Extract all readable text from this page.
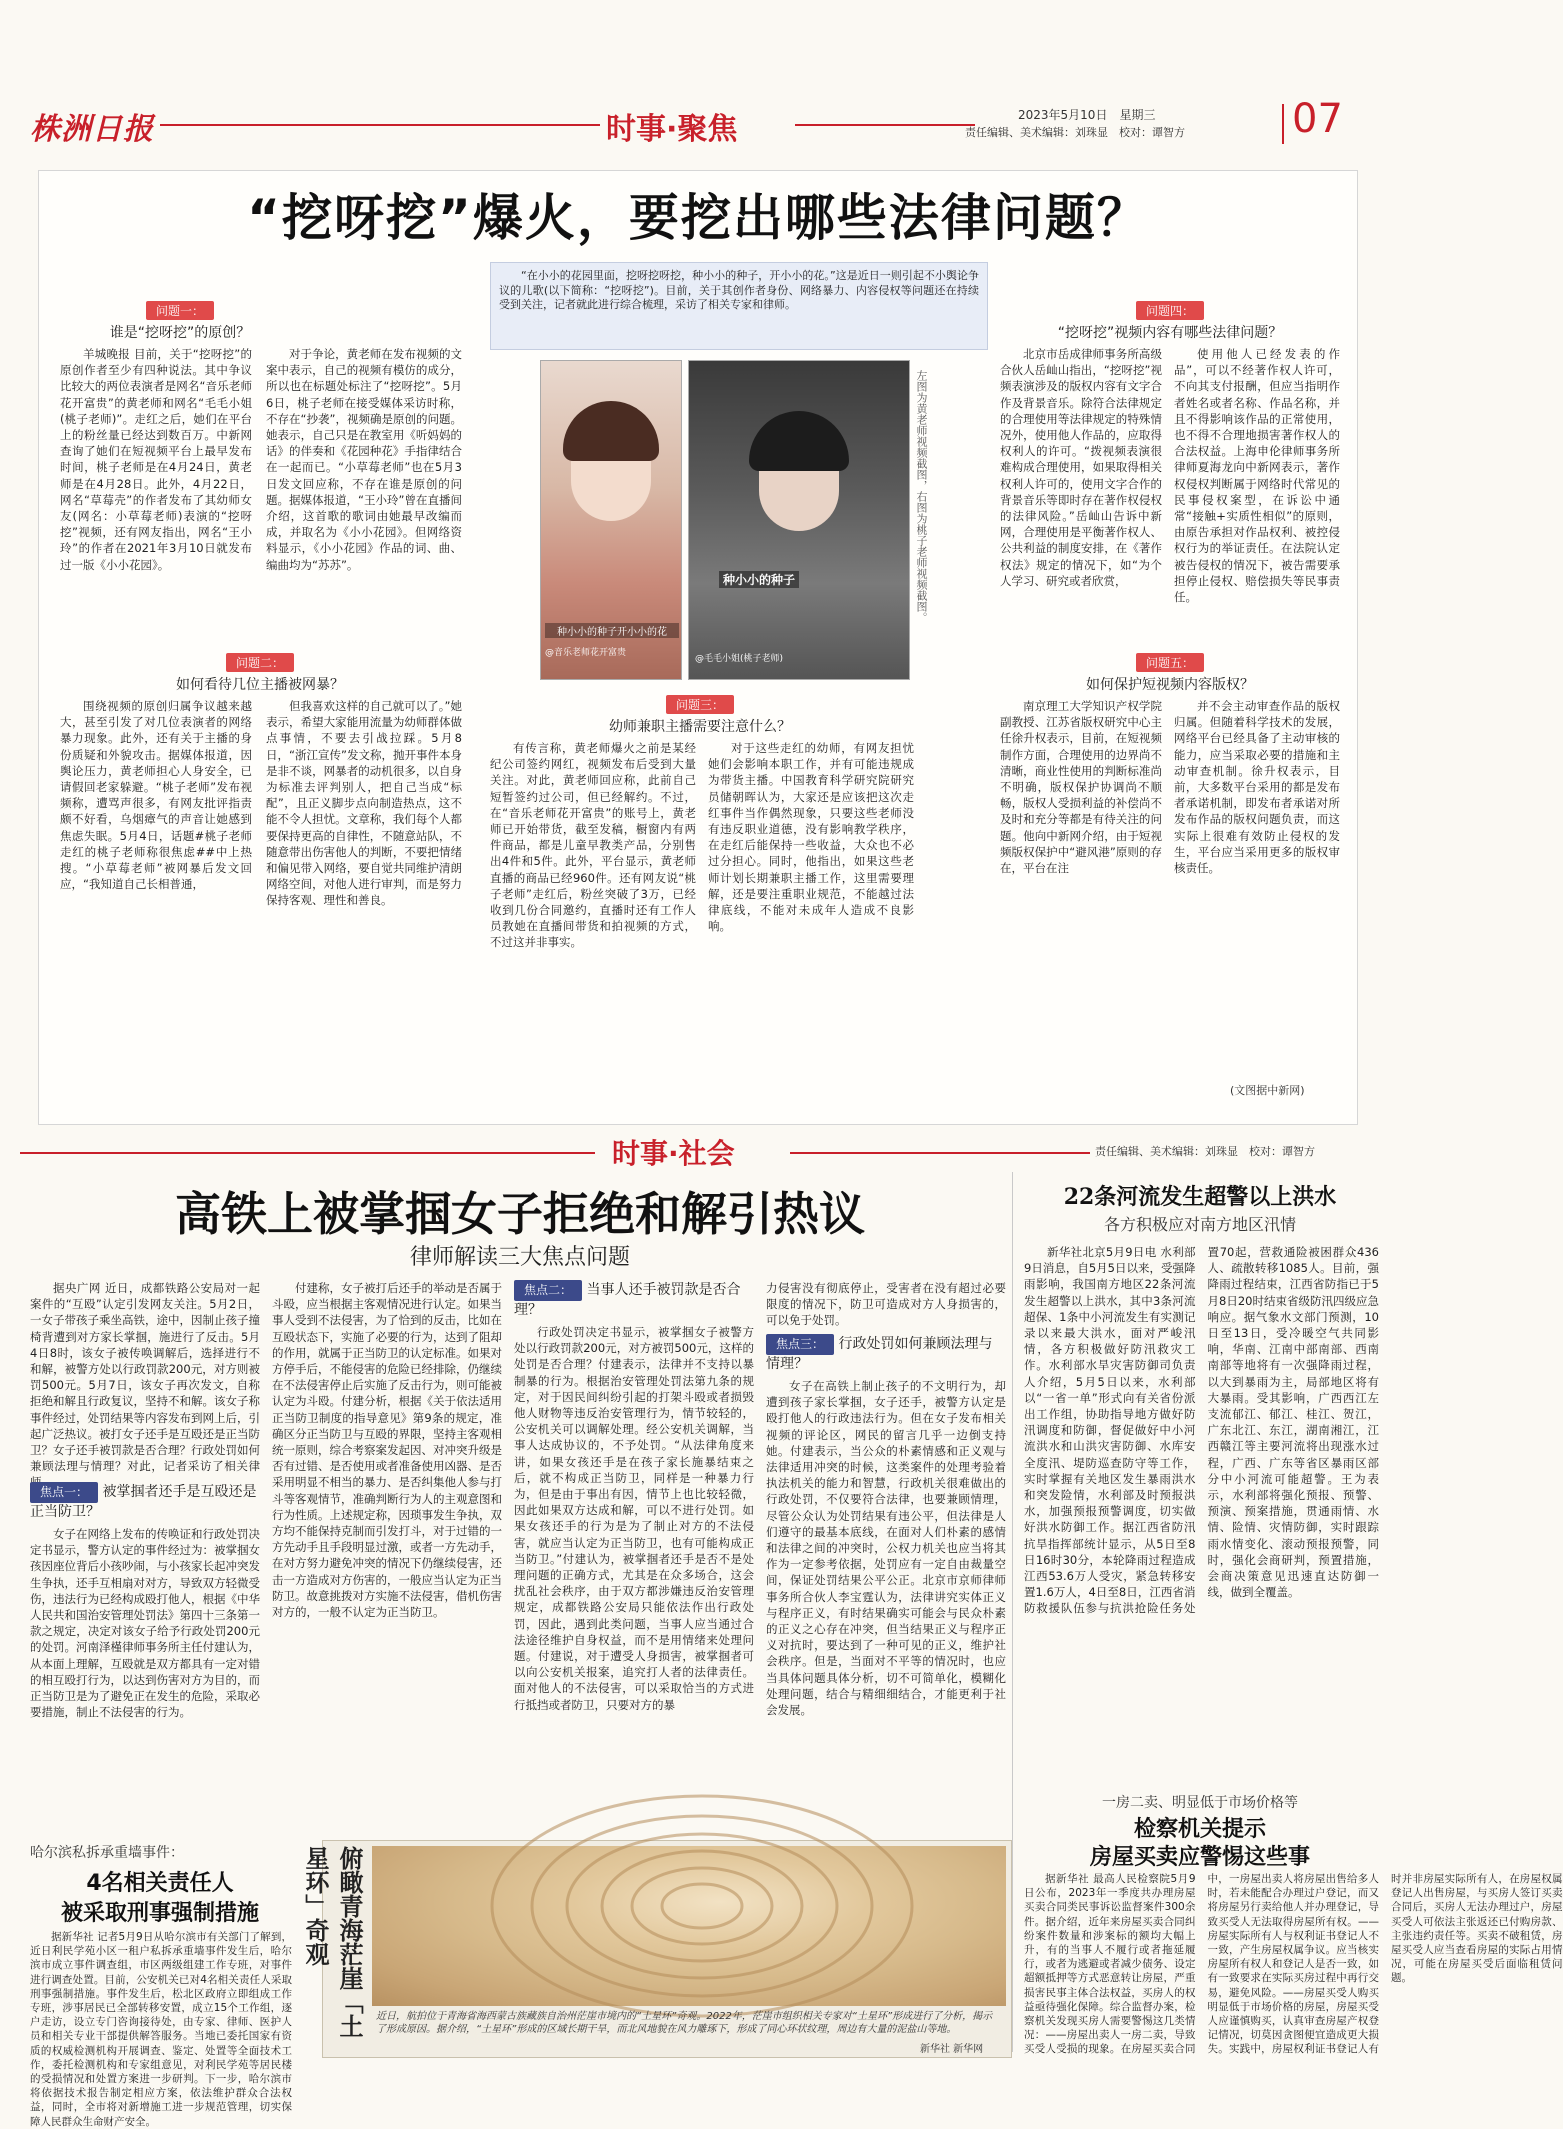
株洲日报	时事·聚焦	2023年5月10日　星期三
责任编辑、美术编辑：刘珠显　校对：谭智方	07
“挖呀挖”爆火，要挖出哪些法律问题？
“在小小的花园里面，挖呀挖呀挖，种小小的种子，开小小的花。”这是近日一则引起不小舆论争议的儿歌(以下简称：“挖呀挖”)。目前，关于其创作者身份、网络暴力、内容侵权等问题还在持续受到关注，记者就此进行综合梳理，采访了相关专家和律师。
种小小的种子开小小的花
@音乐老师花开富贵
种小小的种子
@毛毛小姐(桃子老师)
左图为黄老师视频截图，右图为桃子老师视频截图。
问题一：
谁是“挖呀挖”的原创？
羊城晚报 目前，关于“挖呀挖”的原创作者至少有四种说法。其中争议比较大的两位表演者是网名“音乐老师花开富贵”的黄老师和网名“毛毛小姐(桃子老师)”。走红之后，她们在平台上的粉丝量已经达到数百万。中新网查询了她们在短视频平台上最早发布时间，桃子老师是在4月24日，黄老师是在4月28日。此外，4月22日，网名“草莓壳”的作者发布了其幼师女友(网名：小草莓老师)表演的“挖呀挖”视频，还有网友指出，网名“王小玲”的作者在2021年3月10日就发布过一版《小小花园》。
对于争论，黄老师在发布视频的文案中表示，自己的视频有模仿的成分，所以也在标题处标注了“挖呀挖”。5月6日，桃子老师在接受媒体采访时称，不存在“抄袭”，视频确是原创的问题。她表示，自己只是在教室用《听妈妈的话》的伴奏和《花园种花》手指律结合在一起而已。“小草莓老师”也在5月3日发文回应称，不存在谁是原创的问题。据媒体报道，“王小玲”曾在直播间介绍，这首歌的歌词由她最早改编而成，并取名为《小小花园》。但网络资料显示，《小小花园》作品的词、曲、编曲均为“苏苏”。
问题二：
如何看待几位主播被网暴？
围绕视频的原创归属争议越来越大，甚至引发了对几位表演者的网络暴力现象。此外，还有关于主播的身份质疑和外貌攻击。据媒体报道，因舆论压力，黄老师担心人身安全，已请假回老家躲避。“桃子老师”发布视频称，遭骂声很多，有网友批评指责颇不好看，乌烟瘴气的声音让她感到焦虑失眠。5月4日，话题#桃子老师走红的桃子老师称很焦虑##中上热搜。“小草莓老师”被网暴后发文回应，“我知道自己长相普通，
但我喜欢这样的自己就可以了。”她表示，希望大家能用流量为幼师群体做点事情，不要去引战拉踩。5月8日，“浙江宣传”发文称，抛开事件本身是非不谈，网暴者的动机很多，以自身为标准去评判别人，把自己当成“标配”，且正义脚步点向制造热点，这不能不令人担忧。文章称，我们每个人都要保持更高的自律性，不随意站队，不随意带出伤害他人的判断，不要把情绪和偏见带入网络，要自觉共同维护清朗网络空间，对他人进行审判，而是努力保持客观、理性和善良。
问题三：
幼师兼职主播需要注意什么？
有传言称，黄老师爆火之前是某经纪公司签约网红，视频发布后受到大量关注。对此，黄老师回应称，此前自己短暂签约过公司，但已经解约。不过，在“音乐老师花开富贵”的账号上，黄老师已开始带货，截至发稿，橱窗内有两件商品，都是儿童早教类产品，分别售出4件和5件。此外，平台显示，黄老师直播的商品已经960件。还有网友说“桃子老师”走红后，粉丝突破了3万，已经收到几份合同邀约，直播时还有工作人员教她在直播间带货和拍视频的方式，不过这并非事实。
对于这些走红的幼师，有网友担忧她们会影响本职工作，并有可能违规成为带货主播。中国教育科学研究院研究员储朝晖认为，大家还是应该把这次走红事件当作偶然现象，只要这些老师没有违反职业道德，没有影响教学秩序，在走红后能保持一些收益，大众也不必过分担心。同时，他指出，如果这些老师计划长期兼职主播工作，这里需要理解，还是要注重职业规范，不能越过法律底线，不能对未成年人造成不良影响。
问题四：
“挖呀挖”视频内容有哪些法律问题？
北京市岳成律师事务所高级合伙人岳屾山指出，“挖呀挖”视频表演涉及的版权内容有文字合作及背景音乐。除符合法律规定的合理使用等法律规定的特殊情况外，使用他人作品的，应取得权利人的许可。“拨视频表演很难构成合理使用，如果取得相关权利人许可的，使用文字合作的背景音乐等即时存在著作权侵权的法律风险。”岳屾山告诉中新网，合理使用是平衡著作权人、公共利益的制度安排，在《著作权法》规定的情况下，如“为个人学习、研究或者欣赏，
使用他人已经发表的作品”，可以不经著作权人许可，不向其支付报酬，但应当指明作者姓名或者名称、作品名称，并且不得影响该作品的正常使用，也不得不合理地损害著作权人的合法权益。上海申伦律师事务所律师夏海龙向中新网表示，著作权侵权判断属于网络时代常见的民事侵权案型，在诉讼中通常“接触+实质性相似”的原则，由原告承担对作品权利、被控侵权行为的举证责任。在法院认定被告侵权的情况下，被告需要承担停止侵权、赔偿损失等民事责任。
问题五：
如何保护短视频内容版权？
南京理工大学知识产权学院副教授、江苏省版权研究中心主任徐升权表示，目前，在短视频制作方面，合理使用的边界尚不清晰，商业性使用的判断标准尚不明确，版权保护协调尚不顺畅，版权人受损利益的补偿尚不及时和充分等都是有待关注的问题。他向中新网介绍，由于短视频版权保护中“避风港”原则的存在，平台在注
并不会主动审查作品的版权归属。但随着科学技术的发展，网络平台已经具备了主动审核的能力，应当采取必要的措施和主动审查机制。徐升权表示，目前，大多数平台采用的都是发布者承诺机制，即发布者承诺对所发布作品的版权问题负责，而这实际上很难有效防止侵权的发生，平台应当采用更多的版权审核责任。
(文图据中新网)
时事·社会	责任编辑、美术编辑：刘珠显　校对：谭智方
高铁上被掌掴女子拒绝和解引热议
律师解读三大焦点问题
据央广网 近日，成都铁路公安局对一起案件的“互殴”认定引发网友关注。5月2日，一女子带孩子乘坐高铁，途中，因制止孩子撞椅背遭到对方家长掌掴，施进行了反击。5月4日8时，该女子被传唤调解后，选择进行不和解，被警方处以行政罚款200元，对方则被罚500元。5月7日，该女子再次发文，自称拒绝和解且行政复议，坚持不和解。该女子称事件经过，处罚结果等内容发布到网上后，引起广泛热议。被打女子还手是互殴还是正当防卫？女子还手被罚款是否合理？行政处罚如何兼顾法理与情理？对此，记者采访了相关律
焦点一： 被掌掴者还手是互殴还是正当防卫？
女子在网络上发布的传唤证和行政处罚决定书显示，警方认定的事件经过为：被掌掴女孩因座位背后小孩吵闹，与小孩家长起冲突发生争执，还手互相扇对对方，导致双方轻微受伤，违法行为已经构成殴打他人，根据《中华人民共和国治安管理处罚法》第四十三条第一款之规定，决定对该女子给予行政处罚200元的处罚。河南泽槿律师事务所主任付建认为，从本面上理解，互殴就是双方都具有一定对错的相互殴打行为，以达到伤害对方为目的，而正当防卫是为了避免正在发生的危险，采取必要措施，制止不法侵害的行为。
付建称，女子被打后还手的举动是否属于斗殴，应当根据主客观情况进行认定。如果当事人受到不法侵害，为了恰到的反击，比如在互殴状态下，实施了必要的行为，达到了阻却的作用，就属于正当防卫的认定标准。如果对方停手后，不能侵害的危险已经排除，仍继续在不法侵害停止后实施了反击行为，则可能被认定为斗殴。付建分析，根据《关于依法适用正当防卫制度的指导意见》第9条的规定，准确区分正当防卫与互殴的界限，坚持主客观相统一原则，综合考察案发起因、对冲突升级是否有过错、是否使用或者准备使用凶器、是否采用明显不相当的暴力、是否纠集他人参与打斗等客观情节，准确判断行为人的主观意图和行为性质。上述规定称，因琐事发生争执，双方均不能保持克制而引发打斗，对于过错的一方先动手且手段明显过激，或者一方先动手，在对方努力避免冲突的情况下仍继续侵害，还击一方造成对方伤害的，一般应当认定为正当防卫。故意挑拨对方实施不法侵害，借机伤害对方的，一般不认定为正当防卫。
焦点二： 当事人还手被罚款是否合理？
行政处罚决定书显示，被掌掴女子被警方处以行政罚款200元，对方被罚500元，这样的处罚是否合理？付建表示，法律并不支持以暴制暴的行为。根据治安管理处罚法第九条的规定，对于因民间纠纷引起的打架斗殴或者损毁他人财物等违反治安管理行为，情节较轻的，公安机关可以调解处理。经公安机关调解，当事人达成协议的，不予处罚。“从法律角度来讲，如果女孩还手是在孩子家长施暴结束之后，就不构成正当防卫，同样是一种暴力行为，但是由于事出有因，情节上也比较轻微，因此如果双方达成和解，可以不进行处罚。如果女孩还手的行为是为了制止对方的不法侵害，就应当认定为正当防卫，也有可能构成正当防卫。”付建认为，被掌掴者还手是否不是处理问题的正确方式，尤其是在众多场合，这会扰乱社会秩序，由于双方都涉嫌违反治安管理规定，成都铁路公安局只能依法作出行政处罚，因此，遇到此类问题，当事人应当通过合法途径维护自身权益，而不是用情绪来处理问题。付建说，对于遭受人身损害，被掌掴者可以向公安机关报案，追究打人者的法律责任。面对他人的不法侵害，可以采取恰当的方式进行抵挡或者防卫，只要对方的暴
力侵害没有彻底停止，受害者在没有超过必要限度的情况下，防卫可造成对方人身损害的，可以免于处罚。
焦点三： 行政处罚如何兼顾法理与情理？
女子在高铁上制止孩子的不文明行为，却遭到孩子家长掌掴，女子还手，被警方认定是殴打他人的行政违法行为。但在女子发布相关视频的评论区，网民的留言几乎一边倒支持她。付建表示，当公众的朴素情感和正义观与法律适用冲突的时候，这类案件的处理考验着执法机关的能力和智慧，行政机关很难做出的行政处罚，不仅要符合法律，也要兼顾情理，尽管公众认为处罚结果有违公平，但法律是人们遵守的最基本底线，在面对人们朴素的感情和法律之间的冲突时，公权力机关也应当将其作为一定参考依据，处罚应有一定自由裁量空间，保证处罚结果公平公正。北京市京师律师事务所合伙人李宝霆认为，法律讲究实体正义与程序正义，有时结果确实可能会与民众朴素的正义之心存在冲突，但当结果正义与程序正义对抗时，要达到了一种可见的正义，维护社会秩序。但是，当面对不平等的情况时，也应当具体问题具体分析，切不可简单化，模糊化处理问题，结合与精细细结合，才能更利于社会发展。
22条河流发生超警以上洪水
各方积极应对南方地区汛情
新华社北京5月9日电 水利部9日消息，自5月5日以来，受强降雨影响，我国南方地区22条河流发生超警以上洪水，其中3条河流超保、1条中小河流发生有实测记录以来最大洪水，面对严峻汛情，各方积极做好防汛救灾工作。水利部水旱灾害防御司负责人介绍，5月5日以来，水利部以“一省一单”形式向有关省份派出工作组，协助指导地方做好防汛调度和防御，督促做好中小河流洪水和山洪灾害防御、水库安全度汛、堤防巡查防守等工作，实时掌握有关地区发生暴雨洪水和突发险情，水利部及时预报洪水，加强预报预警调度，切实做好洪水防御工作。据江西省防汛抗旱指挥部统计显示，从5日至8日16时30分，本轮降雨过程造成江西53.6万人受灾，紧急转移安置1.6万人，4日至8日，江西省消防救援队伍参与抗洪抢险任务处置70起，营救通险被困群众436人、疏散转移1085人。目前，强降雨过程结束，江西省防指已于5月8日20时结束省级防汛四级应急响应。据气象水文部门预测，10日至13日，受冷暖空气共同影响，华南、江南中部南部、西南南部等地将有一次强降雨过程，以大到暴雨为主，局部地区将有大暴雨。受其影响，广西西江左支流郁江、郁江、桂江、贺江，广东北江、东江，湖南湘江，江西赣江等主要河流将出现涨水过程，广西、广东等省区暴雨区部分中小河流可能超警。王为表示，水利部将强化预报、预警、预演、预案措施，贯通雨情、水情、险情、灾情防御，实时跟踪雨水情变化、滚动预报预警，同时，强化会商研判，预置措施，会商决策意见迅速直达防御一线，做到全覆盖。
一房二卖、明显低于市场价格等
检察机关提示
房屋买卖应警惕这些事
据新华社 最高人民检察院5月9日公布，2023年一季度共办理房屋买卖合同类民事诉讼监督案件300余件。据介绍，近年来房屋买卖合同纠纷案件数量和涉案标的额均大幅上升，有的当事人不履行或者拖延履行，或者为逃避或者减少债务、设定超额抵押等方式恶意转让房屋，严重损害民事主体合法权益，买房人的权益亟待强化保障。综合监督办案，检察机关发现买房人需要警惕这几类情况：——房屋出卖人一房二卖，导致买受人受损的现象。在房屋买卖合同中，一房屋出卖人将房屋出售给多人时，若未能配合办理过户登记，而又将房屋另行卖给他人并办理登记，导致买受人无法取得房屋所有权。——房屋实际所有人与权利证书登记人不一致，产生房屋权属争议。应当核实房屋所有权人和登记人是否一致，如有一致要求在实际买房过程中再行交易，避免风险。——房屋买受人购买明显低于市场价格的房屋，房屋买受人应谨慎购买，认真审查房屋产权登记情况，切莫因贪图便宜造成更大损失。实践中，房屋权利证书登记人有时并非房屋实际所有人，在房屋权属登记人出售房屋，与买房人签订买卖合同后，买房人无法办理过户，房屋买受人可依法主张返还已付购房款、主张违约责任等。买卖不破租赁，房屋买受人应当查看房屋的实际占用情况，可能在房屋买受后面临租赁问题。
哈尔滨私拆承重墙事件：
4名相关责任人
被采取刑事强制措施
据新华社 记者5月9日从哈尔滨市有关部门了解到，近日利民学苑小区一租户私拆承重墙事件发生后，哈尔滨市成立事件调查组，市区两级组建工作专班，对事件进行调查处置。目前，公安机关已对4名相关责任人采取刑事强制措施。事件发生后，松北区政府立即组成工作专班，涉事居民已全部转移安置，成立15个工作组，逐户走访，设立专门咨询接待处，由专家、律师、医护人员和相关专业干部提供解答服务。当地已委托国家有资质的权威检测机构开展调查、鉴定、处置等全面技术工作，委托检测机构和专家组意见，对利民学苑等居民楼的受损情况和处置方案进一步研判。下一步，哈尔滨市将依据技术报告制定相应方案，依法维护群众合法权益，同时，全市将对新增施工进一步规范管理，切实保障人民群众生命财产安全。
俯瞰青海茫崖「土星环」奇观
近日，航拍位于青海省海西蒙古族藏族自治州茫崖市境内的“土星环”奇观。2022年，茫崖市组织相关专家对“土星环”形成进行了分析，揭示了形成原因。据介绍，“土星环”形成的区域长期干旱，而北风地貌在风力雕琢下，形成了同心环状纹理，周边有大量的泥盐山等地。
新华社 新华网
